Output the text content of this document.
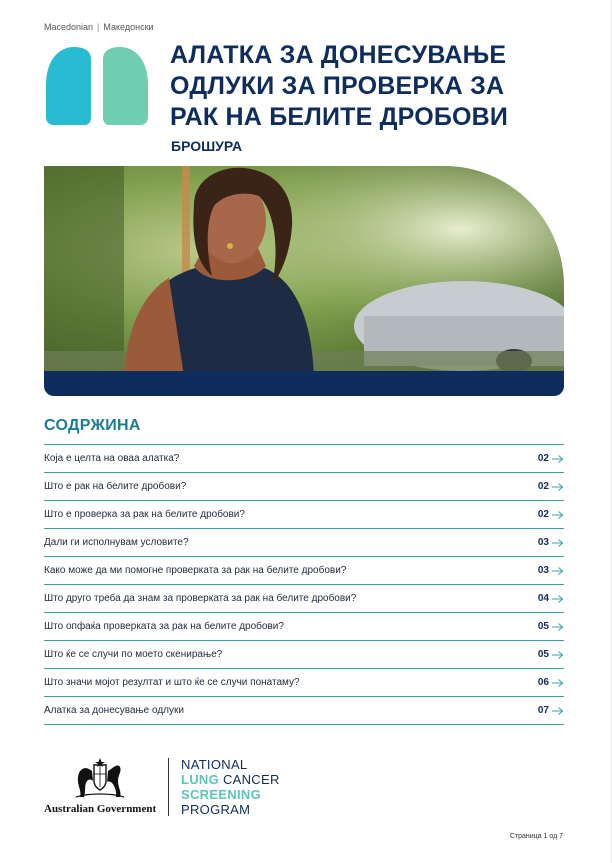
Macedonian | Македонски
АЛАТКА ЗА ДОНЕСУВАЊЕ ОДЛУКИ ЗА ПРОВЕРКА ЗА РАК НА БЕЛИТЕ ДРОБОВИ
БРОШУРА
СОДРЖИНА
Која е целта на оваа алатка?	02
Што е рак на белите дробови?	02
Што е проверка за рак на белите дробови?	02
Дали ги исполнувам условите?	03
Како може да ми помогне проверката за рак на белите дробови?	03
Што друго треба да знам за проверката за рак на белите дробови?	04
Што опфаќа проверката за рак на белите дробови?	05
Што ќе се случи по моето скенирање?	05
Што значи мојот резултат и што ќе се случи понатаму?	06
Алатка за донесување одлуки	07
Australian Government
NATIONAL
LUNG CANCER
SCREENING
PROGRAM
Страница 1 од 7
